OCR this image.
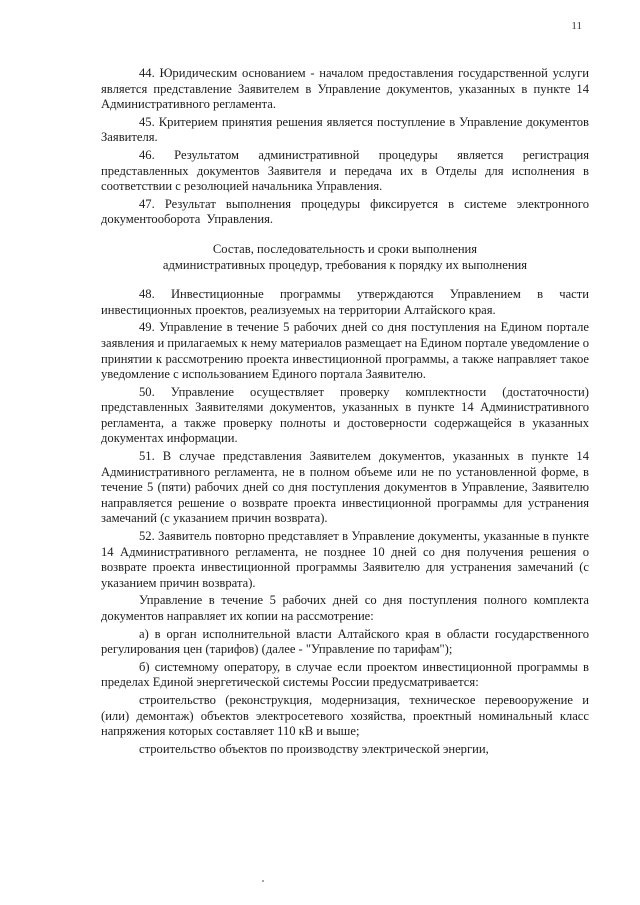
11

44. Юридическим основанием - началом предоставления государственной услуги является представление Заявителем в Управление документов, указанных в пункте 14 Административного регламента.

45. Критерием принятия решения является поступление в Управление документов Заявителя.

46. Результатом административной процедуры является регистрация представленных документов Заявителя и передача их в Отделы для исполнения в соответствии с резолюцией начальника Управления.

47. Результат выполнения процедуры фиксируется в системе электронного документооборота Управления.

Состав, последовательность и сроки выполнения
административных процедур, требования к порядку их выполнения

48. Инвестиционные программы утверждаются Управлением в части инвестиционных проектов, реализуемых на территории Алтайского края.

49. Управление в течение 5 рабочих дней со дня поступления на Едином портале заявления и прилагаемых к нему материалов размещает на Едином портале уведомление о принятии к рассмотрению проекта инвестиционной программы, а также направляет такое уведомление с использованием Единого портала Заявителю.

50. Управление осуществляет проверку комплектности (достаточности) представленных Заявителями документов, указанных в пункте 14 Административного регламента, а также проверку полноты и достоверности содержащейся в указанных документах информации.

51. В случае представления Заявителем документов, указанных в пункте 14 Административного регламента, не в полном объеме или не по установленной форме, в течение 5 (пяти) рабочих дней со дня поступления документов в Управление, Заявителю направляется решение о возврате проекта инвестиционной программы для устранения замечаний (с указанием причин возврата).

52. Заявитель повторно представляет в Управление документы, указанные в пункте 14 Административного регламента, не позднее 10 дней со дня получения решения о возврате проекта инвестиционной программы Заявителю для устранения замечаний (с указанием причин возврата).

Управление в течение 5 рабочих дней со дня поступления полного комплекта документов направляет их копии на рассмотрение:

а) в орган исполнительной власти Алтайского края в области государственного регулирования цен (тарифов) (далее - "Управление по тарифам");

б) системному оператору, в случае если проектом инвестиционной программы в пределах Единой энергетической системы России предусматривается:

строительство (реконструкция, модернизация, техническое перевооружение и (или) демонтаж) объектов электросетевого хозяйства, проектный номинальный класс напряжения которых составляет 110 кВ и выше;

строительство объектов по производству электрической энергии,
